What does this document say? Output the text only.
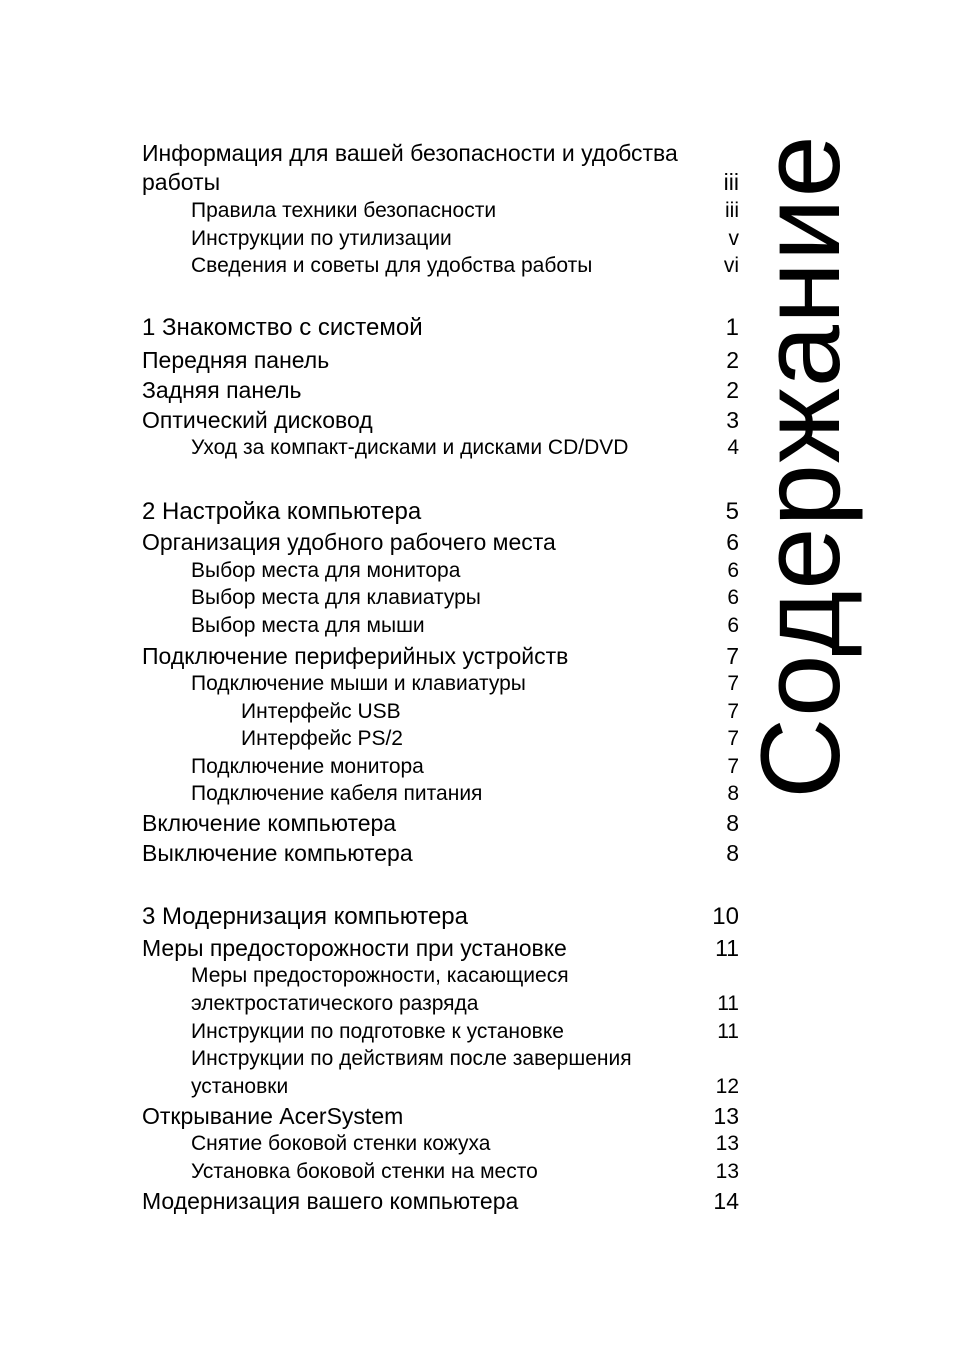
Содержание
Информация для вашей безопасности и удобства
работы	iii
Правила техники безопасности	iii
Инструкции по утилизации	v
Сведения и советы для удобства работы	vi
1 Знакомство с системой	1
Передняя панель	2
Задняя панель	2
Оптический дисковод	3
Уход за компакт-дисками и дисками CD/DVD	4
2 Настройка компьютера	5
Организация удобного рабочего места	6
Выбор места для монитора	6
Выбор места для клавиатуры	6
Выбор места для мыши	6
Подключение периферийных устройств	7
Подключение мыши и клавиатуры	7
Интерфейс USB	7
Интерфейс PS/2	7
Подключение монитора	7
Подключение кабеля питания	8
Включение компьютера	8
Выключение компьютера	8
3 Модернизация компьютера	10
Меры предосторожности при установке	11
Меры предосторожности, касающиеся
электростатического разряда	11
Инструкции по подготовке к установке	11
Инструкции по действиям после завершения
установки	12
Открывание AcerSystem	13
Снятие боковой стенки кожуха	13
Установка боковой стенки на место	13
Модернизация вашего компьютера	14
